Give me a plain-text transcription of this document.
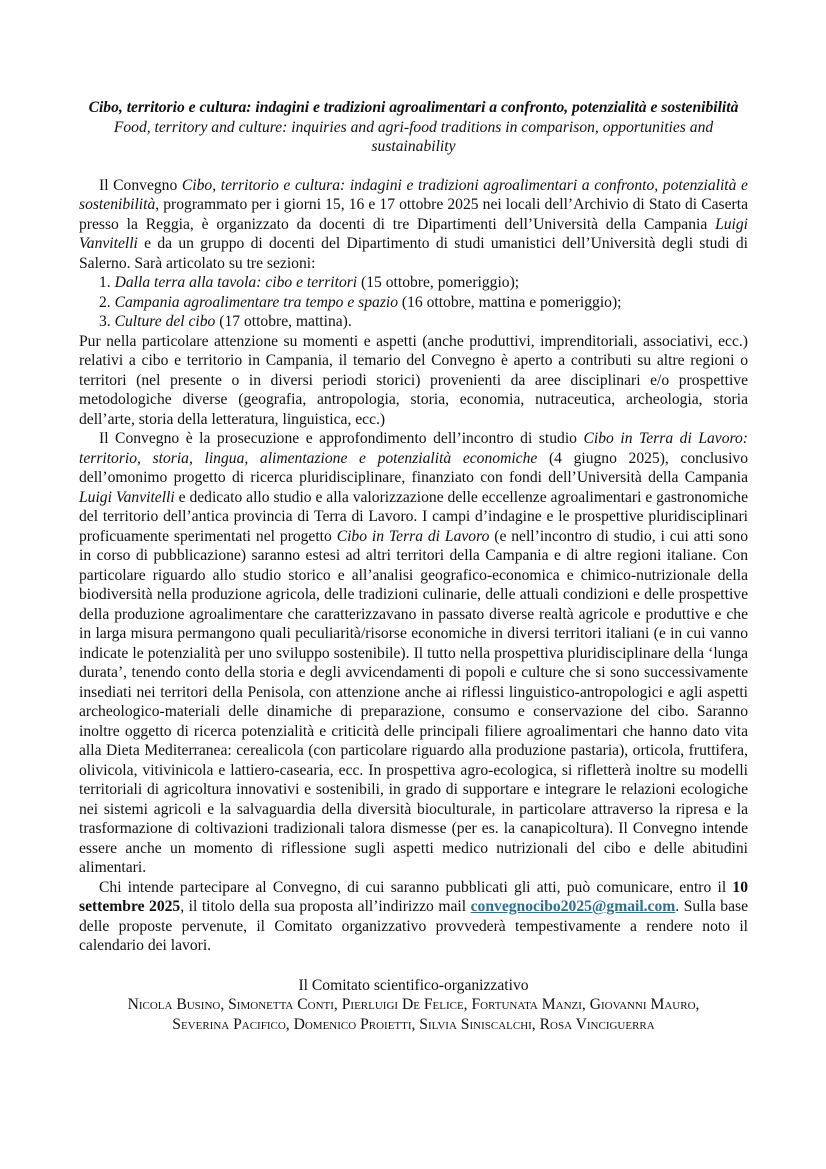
Cibo, territorio e cultura: indagini e tradizioni agroalimentari a confronto, potenzialità e sostenibilità
Food, territory and culture: inquiries and agri-food traditions in comparison, opportunities and sustainability

Il Convegno Cibo, territorio e cultura: indagini e tradizioni agroalimentari a confronto, potenzialità e sostenibilità, programmato per i giorni 15, 16 e 17 ottobre 2025 nei locali dell’Archivio di Stato di Caserta presso la Reggia, è organizzato da docenti di tre Dipartimenti dell’Università della Campania Luigi Vanvitelli e da un gruppo di docenti del Dipartimento di studi umanistici dell’Università degli studi di Salerno. Sarà articolato su tre sezioni:

1. Dalla terra alla tavola: cibo e territori (15 ottobre, pomeriggio);
2. Campania agroalimentare tra tempo e spazio (16 ottobre, mattina e pomeriggio);
3. Culture del cibo (17 ottobre, mattina).

Pur nella particolare attenzione su momenti e aspetti (anche produttivi, imprenditoriali, associativi, ecc.) relativi a cibo e territorio in Campania, il temario del Convegno è aperto a contributi su altre regioni o territori (nel presente o in diversi periodi storici) provenienti da aree disciplinari e/o prospettive metodologiche diverse (geografia, antropologia, storia, economia, nutraceutica, archeologia, storia dell’arte, storia della letteratura, linguistica, ecc.)

Il Convegno è la prosecuzione e approfondimento dell’incontro di studio Cibo in Terra di Lavoro: territorio, storia, lingua, alimentazione e potenzialità economiche (4 giugno 2025), conclusivo dell’omonimo progetto di ricerca pluridisciplinare, finanziato con fondi dell’Università della Campania Luigi Vanvitelli e dedicato allo studio e alla valorizzazione delle eccellenze agroalimentari e gastronomiche del territorio dell’antica provincia di Terra di Lavoro. I campi d’indagine e le prospettive pluridisciplinari proficuamente sperimentati nel progetto Cibo in Terra di Lavoro (e nell’incontro di studio, i cui atti sono in corso di pubblicazione) saranno estesi ad altri territori della Campania e di altre regioni italiane. Con particolare riguardo allo studio storico e all’analisi geografico-economica e chimico-nutrizionale della biodiversità nella produzione agricola, delle tradizioni culinarie, delle attuali condizioni e delle prospettive della produzione agroalimentare che caratterizzavano in passato diverse realtà agricole e produttive e che in larga misura permangono quali peculiarità/risorse economiche in diversi territori italiani (e in cui vanno indicate le potenzialità per uno sviluppo sostenibile). Il tutto nella prospettiva pluridisciplinare della ‘lunga durata’, tenendo conto della storia e degli avvicendamenti di popoli e culture che si sono successivamente insediati nei territori della Penisola, con attenzione anche ai riflessi linguistico-antropologici e agli aspetti archeologico-materiali delle dinamiche di preparazione, consumo e conservazione del cibo. Saranno inoltre oggetto di ricerca potenzialità e criticità delle principali filiere agroalimentari che hanno dato vita alla Dieta Mediterranea: cerealicola (con particolare riguardo alla produzione pastaria), orticola, fruttifera, olivicola, vitivinicola e lattiero-casearia, ecc. In prospettiva agro-ecologica, si rifletterà inoltre su modelli territoriali di agricoltura innovativi e sostenibili, in grado di supportare e integrare le relazioni ecologiche nei sistemi agricoli e la salvaguardia della diversità bioculturale, in particolare attraverso la ripresa e la trasformazione di coltivazioni tradizionali talora dismesse (per es. la canapicoltura). Il Convegno intende essere anche un momento di riflessione sugli aspetti medico nutrizionali del cibo e delle abitudini alimentari.

Chi intende partecipare al Convegno, di cui saranno pubblicati gli atti, può comunicare, entro il 10 settembre 2025, il titolo della sua proposta all’indirizzo mail convegnocibo2025@gmail.com. Sulla base delle proposte pervenute, il Comitato organizzativo provvederà tempestivamente a rendere noto il calendario dei lavori.

Il Comitato scientifico-organizzativo
Nicola Busino, Simonetta Conti, Pierluigi De Felice, Fortunata Manzi, Giovanni Mauro,
Severina Pacifico, Domenico Proietti, Silvia Siniscalchi, Rosa Vinciguerra
